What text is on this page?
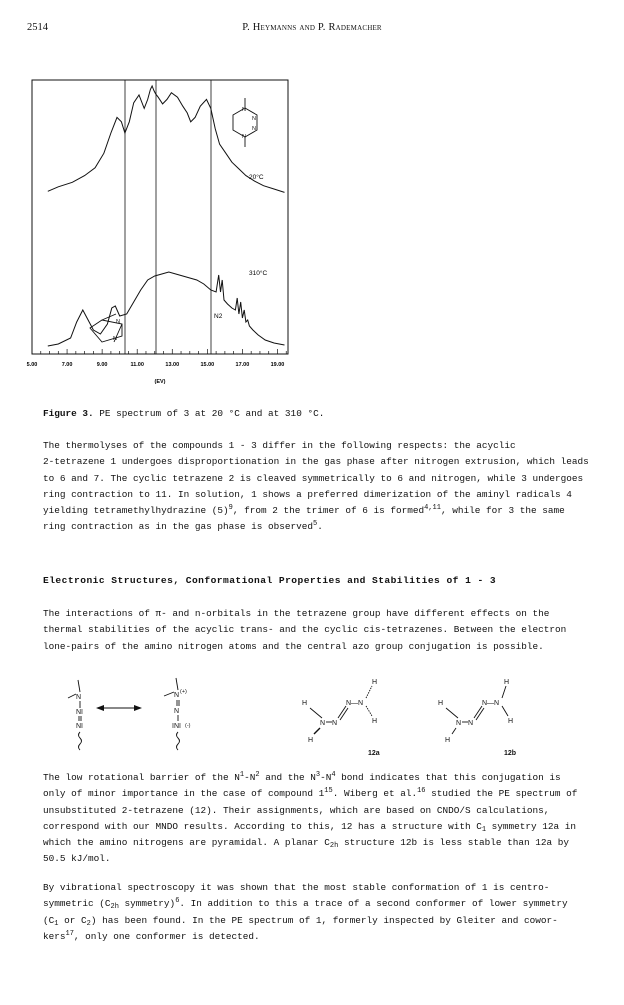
2514	P. Heymanns and P. Rademacher
5.00	7.00	9.00	11.00	13.00	15.00	17.00	19.00
(EV)
20°C
310°C
N2
N
N
N
N
N
N
Figure 3. PE spectrum of 3 at 20 °C and at 310 °C.
The thermolyses of the compounds 1 - 3 differ in the following respects: the acyclic
2-tetrazene 1 undergoes disproportionation in the gas phase after nitrogen extrusion, which leads
to 6 and 7. The cyclic tetrazene 2 is cleaved symmetrically to 6 and nitrogen, while 3 undergoes
ring contraction to 11. In solution, 1 shows a preferred dimerization of the aminyl radicals 4
yielding tetramethylhydrazine $(5)^9$, from 2 the trimer of 6 is formed$^{4,11}$, while for 3 the same
ring contraction as in the gas phase is observed$^5$.
Electronic Structures, Conformational Properties and Stabilities of 1 - 3
The interactions of π- and n-orbitals in the tetrazene group have different effects on the
thermal stabilities of the acyclic trans- and the cyclic cis-tetrazenes. Between the electron
lone-pairs of the amino nitrogen atoms and the central azo group conjugation is possible.
N
NI
NI
N (+)
N
INI (-)
H
N N
N—N
H
H
H
12a
H
N N
N—N
H
H
H
12b
The low rotational barrier of the $N^1-N^2$ and the $N^3-N^4$ bond indicates that this conjugation is
only of minor importance in the case of compound $1^{15}$. Wiberg et al.$^{16}$ studied the PE spectrum of
unsubstituted 2-tetrazene (12). Their assignments, which are based on CNDO/S calculations,
correspond with our MNDO results. According to this, 12 has a structure with $C_1$ symmetry 12a in
which the amino nitrogens are pyramidal. A planar $C_{2h}$ structure 12b is less stable than 12a by
50.5 kJ/mol.
By vibrational spectroscopy it was shown that the most stable conformation of 1 is centro-
symmetric ($C_{2h}$ symmetry)$^6$. In addition to this a trace of a second conformer of lower symmetry
($C_1$ or $C_2$) has been found. In the PE spectrum of 1, formerly inspected by Gleiter and cowor-
kers$^{17}$, only one conformer is detected.
